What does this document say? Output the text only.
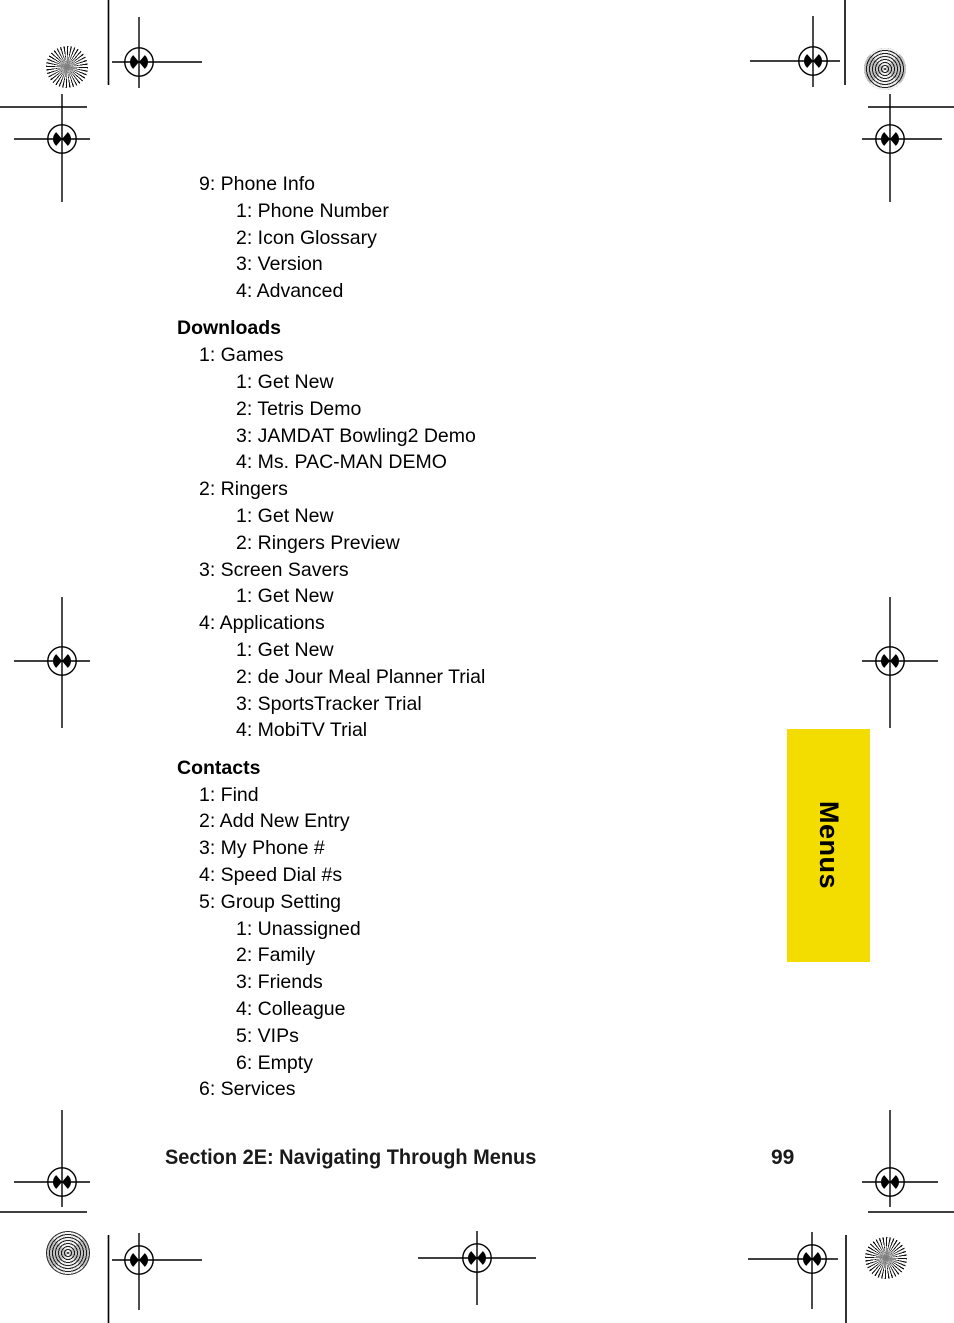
9: Phone Info
1: Phone Number
2: Icon Glossary
3: Version
4: Advanced
Downloads
1: Games
1: Get New
2: Tetris Demo
3: JAMDAT Bowling2 Demo
4: Ms. PAC-MAN DEMO
2: Ringers
1: Get New
2: Ringers Preview
3: Screen Savers
1: Get New
4: Applications
1: Get New
2: de Jour Meal Planner Trial
3: SportsTracker Trial
4: MobiTV Trial
Contacts
1: Find
2: Add New Entry
3: My Phone #
4: Speed Dial #s
5: Group Setting
1: Unassigned
2: Family
3: Friends
4: Colleague
5: VIPs
6: Empty
6: Services
Menus
Section 2E: Navigating Through Menus	99
